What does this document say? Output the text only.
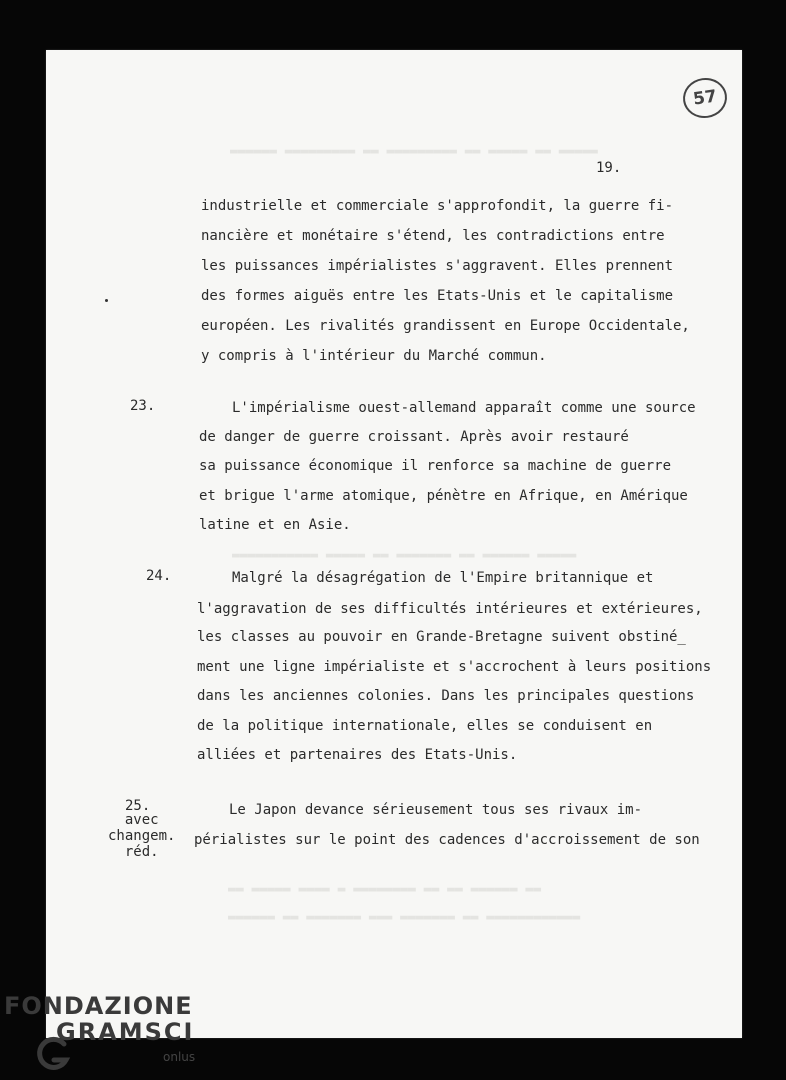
▬▬▬▬▬▬ ▬▬▬▬▬▬▬▬▬ ▬▬ ▬▬▬▬▬▬▬▬▬ ▬▬ ▬▬▬▬▬ ▬▬ ▬▬▬▬▬
▬▬▬▬▬▬▬▬▬▬▬ ▬▬▬▬▬ ▬▬ ▬▬▬▬▬▬▬ ▬▬ ▬▬▬▬▬▬ ▬▬▬▬▬
▬▬ ▬▬▬▬▬ ▬▬▬▬ ▬ ▬▬▬▬▬▬▬▬ ▬▬ ▬▬ ▬▬▬▬▬▬ ▬▬
▬▬▬▬▬▬ ▬▬ ▬▬▬▬▬▬▬ ▬▬▬ ▬▬▬▬▬▬▬ ▬▬ ▬▬▬▬▬▬▬▬▬▬▬▬
57
19.
industrielle et commerciale s'approfondit, la guerre fi-
nancière et monétaire s'étend, les contradictions entre
les puissances impérialistes s'aggravent. Elles prennent
des formes aiguës entre les Etats-Unis et le capitalisme
européen. Les rivalités grandissent en Europe Occidentale,
y compris à l'intérieur du Marché commun.
23.	L'impérialisme ouest-allemand apparaît comme une source
de danger de guerre croissant. Après avoir restauré
sa puissance économique il renforce sa machine de guerre
et brigue l'arme atomique, pénètre en Afrique, en Amérique
latine et en Asie.
24.	Malgré la désagrégation de l'Empire britannique et
l'aggravation de ses difficultés intérieures et extérieures,
les classes au pouvoir en Grande-Bretagne suivent obstiné_
ment une ligne impérialiste et s'accrochent à leurs positions
dans les anciennes colonies. Dans les principales questions
de la politique internationale, elles se conduisent en
alliées et partenaires des Etats-Unis.
25.
avec
changem.
réd.
Le Japon devance sérieusement tous ses rivaux im-
périalistes sur le point des cadences d'accroissement de son
FONDAZIONE
GRAMSCI
onlus
